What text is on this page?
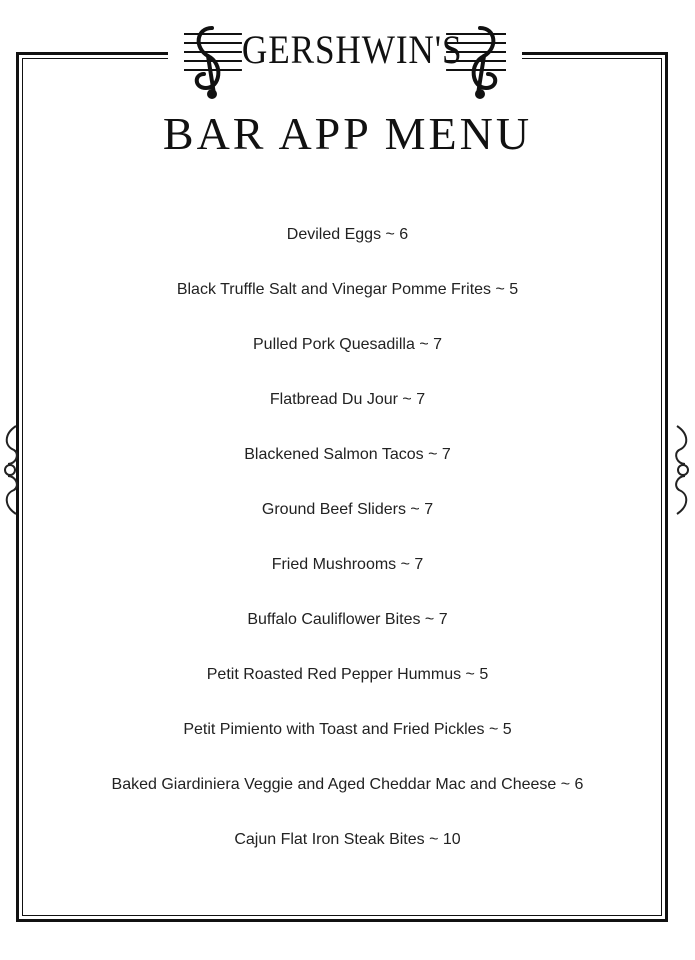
GERSHWIN'S
BAR APP MENU
Deviled Eggs ~ 6
Black Truffle Salt and Vinegar Pomme Frites ~ 5
Pulled Pork Quesadilla ~ 7
Flatbread Du Jour ~ 7
Blackened Salmon Tacos ~ 7
Ground Beef Sliders ~ 7
Fried Mushrooms ~ 7
Buffalo Cauliflower Bites ~ 7
Petit Roasted Red Pepper Hummus ~ 5
Petit Pimiento with Toast and Fried Pickles ~ 5
Baked Giardiniera Veggie and Aged Cheddar Mac and Cheese ~ 6
Cajun Flat Iron Steak Bites ~ 10
